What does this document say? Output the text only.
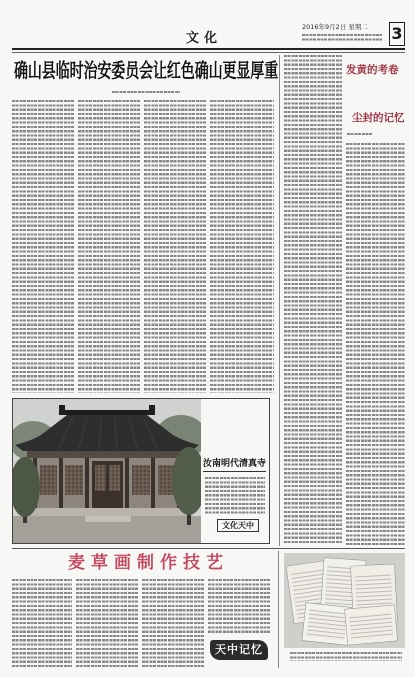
文化
2016年9月2日 星期二 3
确山县临时治安委员会让红色确山更显厚重	发黄的考卷
尘封的记忆
汝南明代清真寺
文化天中
麦草画制作技艺
天中记忆
